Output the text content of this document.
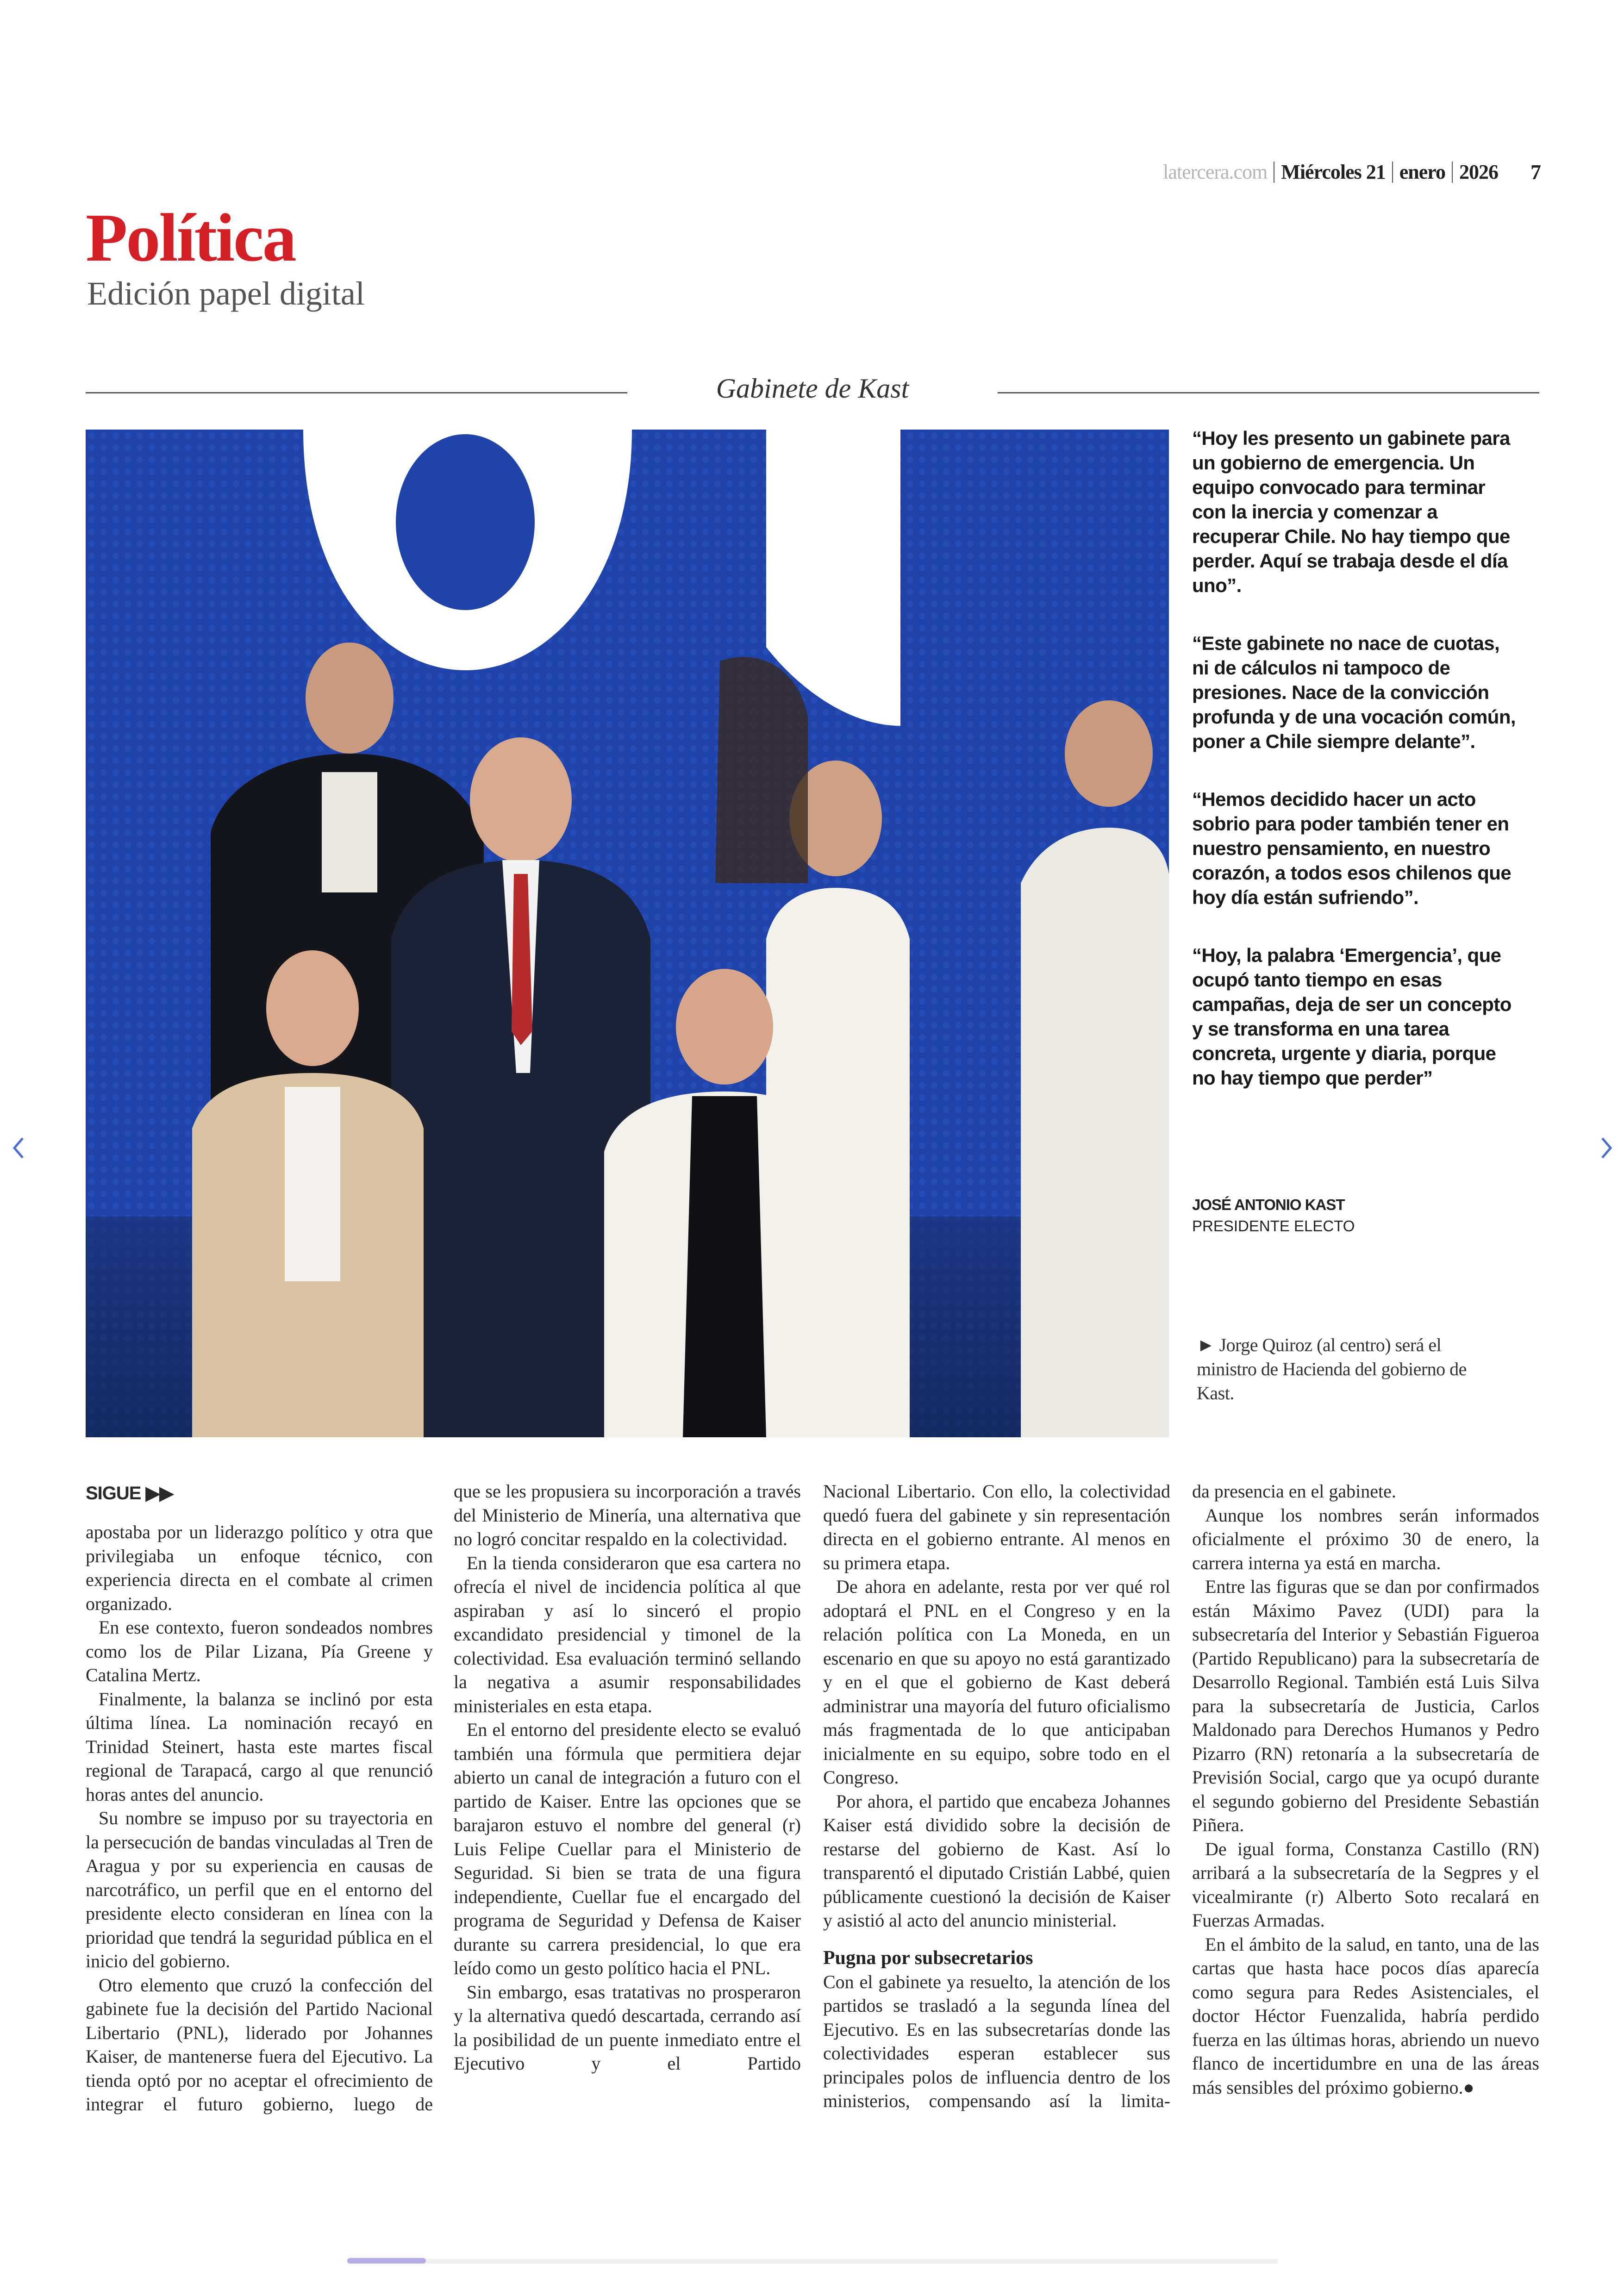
latercera.com Miércoles 21 enero 2026 7
Política
Edición papel digital
Gabinete de Kast

“Hoy les presento un gabinete para un gobierno de emergencia. Un equipo convocado para terminar con la inercia y comenzar a recuperar Chile. No hay tiempo que perder. Aquí se trabaja desde el día uno”.

“Este gabinete no nace de cuotas, ni de cálculos ni tampoco de presiones. Nace de la convicción profunda y de una vocación común, poner a Chile siempre delante”.

“Hemos decidido hacer un acto sobrio para poder también tener en nuestro pensamiento, en nuestro corazón, a todos esos chilenos que hoy día están sufriendo”.

“Hoy, la palabra ‘Emergencia’, que ocupó tanto tiempo en esas campañas, deja de ser un concepto y se transforma en una tarea concreta, urgente y diaria, porque no hay tiempo que perder”

JOSÉ ANTONIO KAST
PRESIDENTE ELECTO
► Jorge Quiroz (al centro) será el ministro de Hacienda del gobierno de Kast.
SIGUE ▶▶

apostaba por un liderazgo político y otra que privilegiaba un enfoque técnico, con experiencia directa en el combate al crimen organizado.

En ese contexto, fueron sondeados nombres como los de Pilar Lizana, Pía Greene y Catalina Mertz.

Finalmente, la balanza se inclinó por esta última línea. La nominación recayó en Trinidad Steinert, hasta este martes fiscal regional de Tarapacá, cargo al que renunció horas antes del anuncio.

Su nombre se impuso por su trayectoria en la persecución de bandas vinculadas al Tren de Aragua y por su experiencia en causas de narcotráfico, un perfil que en el entorno del presidente electo consideran en línea con la prioridad que tendrá la seguridad pública en el inicio del gobierno.

Otro elemento que cruzó la confección del gabinete fue la decisión del Partido Nacional Libertario (PNL), liderado por Johannes Kaiser, de mantenerse fuera del Ejecutivo. La tienda optó por no aceptar el ofrecimiento de integrar el futuro gobierno, luego de

que se les propusiera su incorporación a través del Ministerio de Minería, una alternativa que no logró concitar respaldo en la colectividad.

En la tienda consideraron que esa cartera no ofrecía el nivel de incidencia política al que aspiraban y así lo sinceró el propio excandidato presidencial y timonel de la colectividad. Esa evaluación terminó sellando la negativa a asumir responsabilidades ministeriales en esta etapa.

En el entorno del presidente electo se evaluó también una fórmula que permitiera dejar abierto un canal de integración a futuro con el partido de Kaiser. Entre las opciones que se barajaron estuvo el nombre del general (r) Luis Felipe Cuellar para el Ministerio de Seguridad. Si bien se trata de una figura independiente, Cuellar fue el encargado del programa de Seguridad y Defensa de Kaiser durante su carrera presidencial, lo que era leído como un gesto político hacia el PNL.

Sin embargo, esas tratativas no prosperaron y la alternativa quedó descartada, cerrando así la posibilidad de un puente inmediato entre el Ejecutivo y el Partido

Nacional Libertario. Con ello, la colectividad quedó fuera del gabinete y sin representación directa en el gobierno entrante. Al menos en su primera etapa.

De ahora en adelante, resta por ver qué rol adoptará el PNL en el Congreso y en la relación política con La Moneda, en un escenario en que su apoyo no está garantizado y en el que el gobierno de Kast deberá administrar una mayoría del futuro oficialismo más fragmentada de lo que anticipaban inicialmente en su equipo, sobre todo en el Congreso.

Por ahora, el partido que encabeza Johannes Kaiser está dividido sobre la decisión de restarse del gobierno de Kast. Así lo transparentó el diputado Cristián Labbé, quien públicamente cuestionó la decisión de Kaiser y asistió al acto del anuncio ministerial.

Pugna por subsecretarios

Con el gabinete ya resuelto, la atención de los partidos se trasladó a la segunda línea del Ejecutivo. Es en las subsecretarías donde las colectividades esperan establecer sus principales polos de influencia dentro de los ministerios, compensando así la limita-

da presencia en el gabinete.

Aunque los nombres serán informados oficialmente el próximo 30 de enero, la carrera interna ya está en marcha.

Entre las figuras que se dan por confirmados están Máximo Pavez (UDI) para la subsecretaría del Interior y Sebastián Figueroa (Partido Republicano) para la subsecretaría de Desarrollo Regional. También está Luis Silva para la subsecretaría de Justicia, Carlos Maldonado para Derechos Humanos y Pedro Pizarro (RN) retonaría a la subsecretaría de Previsión Social, cargo que ya ocupó durante el segundo gobierno del Presidente Sebastián Piñera.

De igual forma, Constanza Castillo (RN) arribará a la subsecretaría de la Segpres y el vicealmirante (r) Alberto Soto recalará en Fuerzas Armadas.

En el ámbito de la salud, en tanto, una de las cartas que hasta hace pocos días aparecía como segura para Redes Asistenciales, el doctor Héctor Fuenzalida, habría perdido fuerza en las últimas horas, abriendo un nuevo flanco de incertidumbre en una de las áreas más sensibles del próximo gobierno.●
